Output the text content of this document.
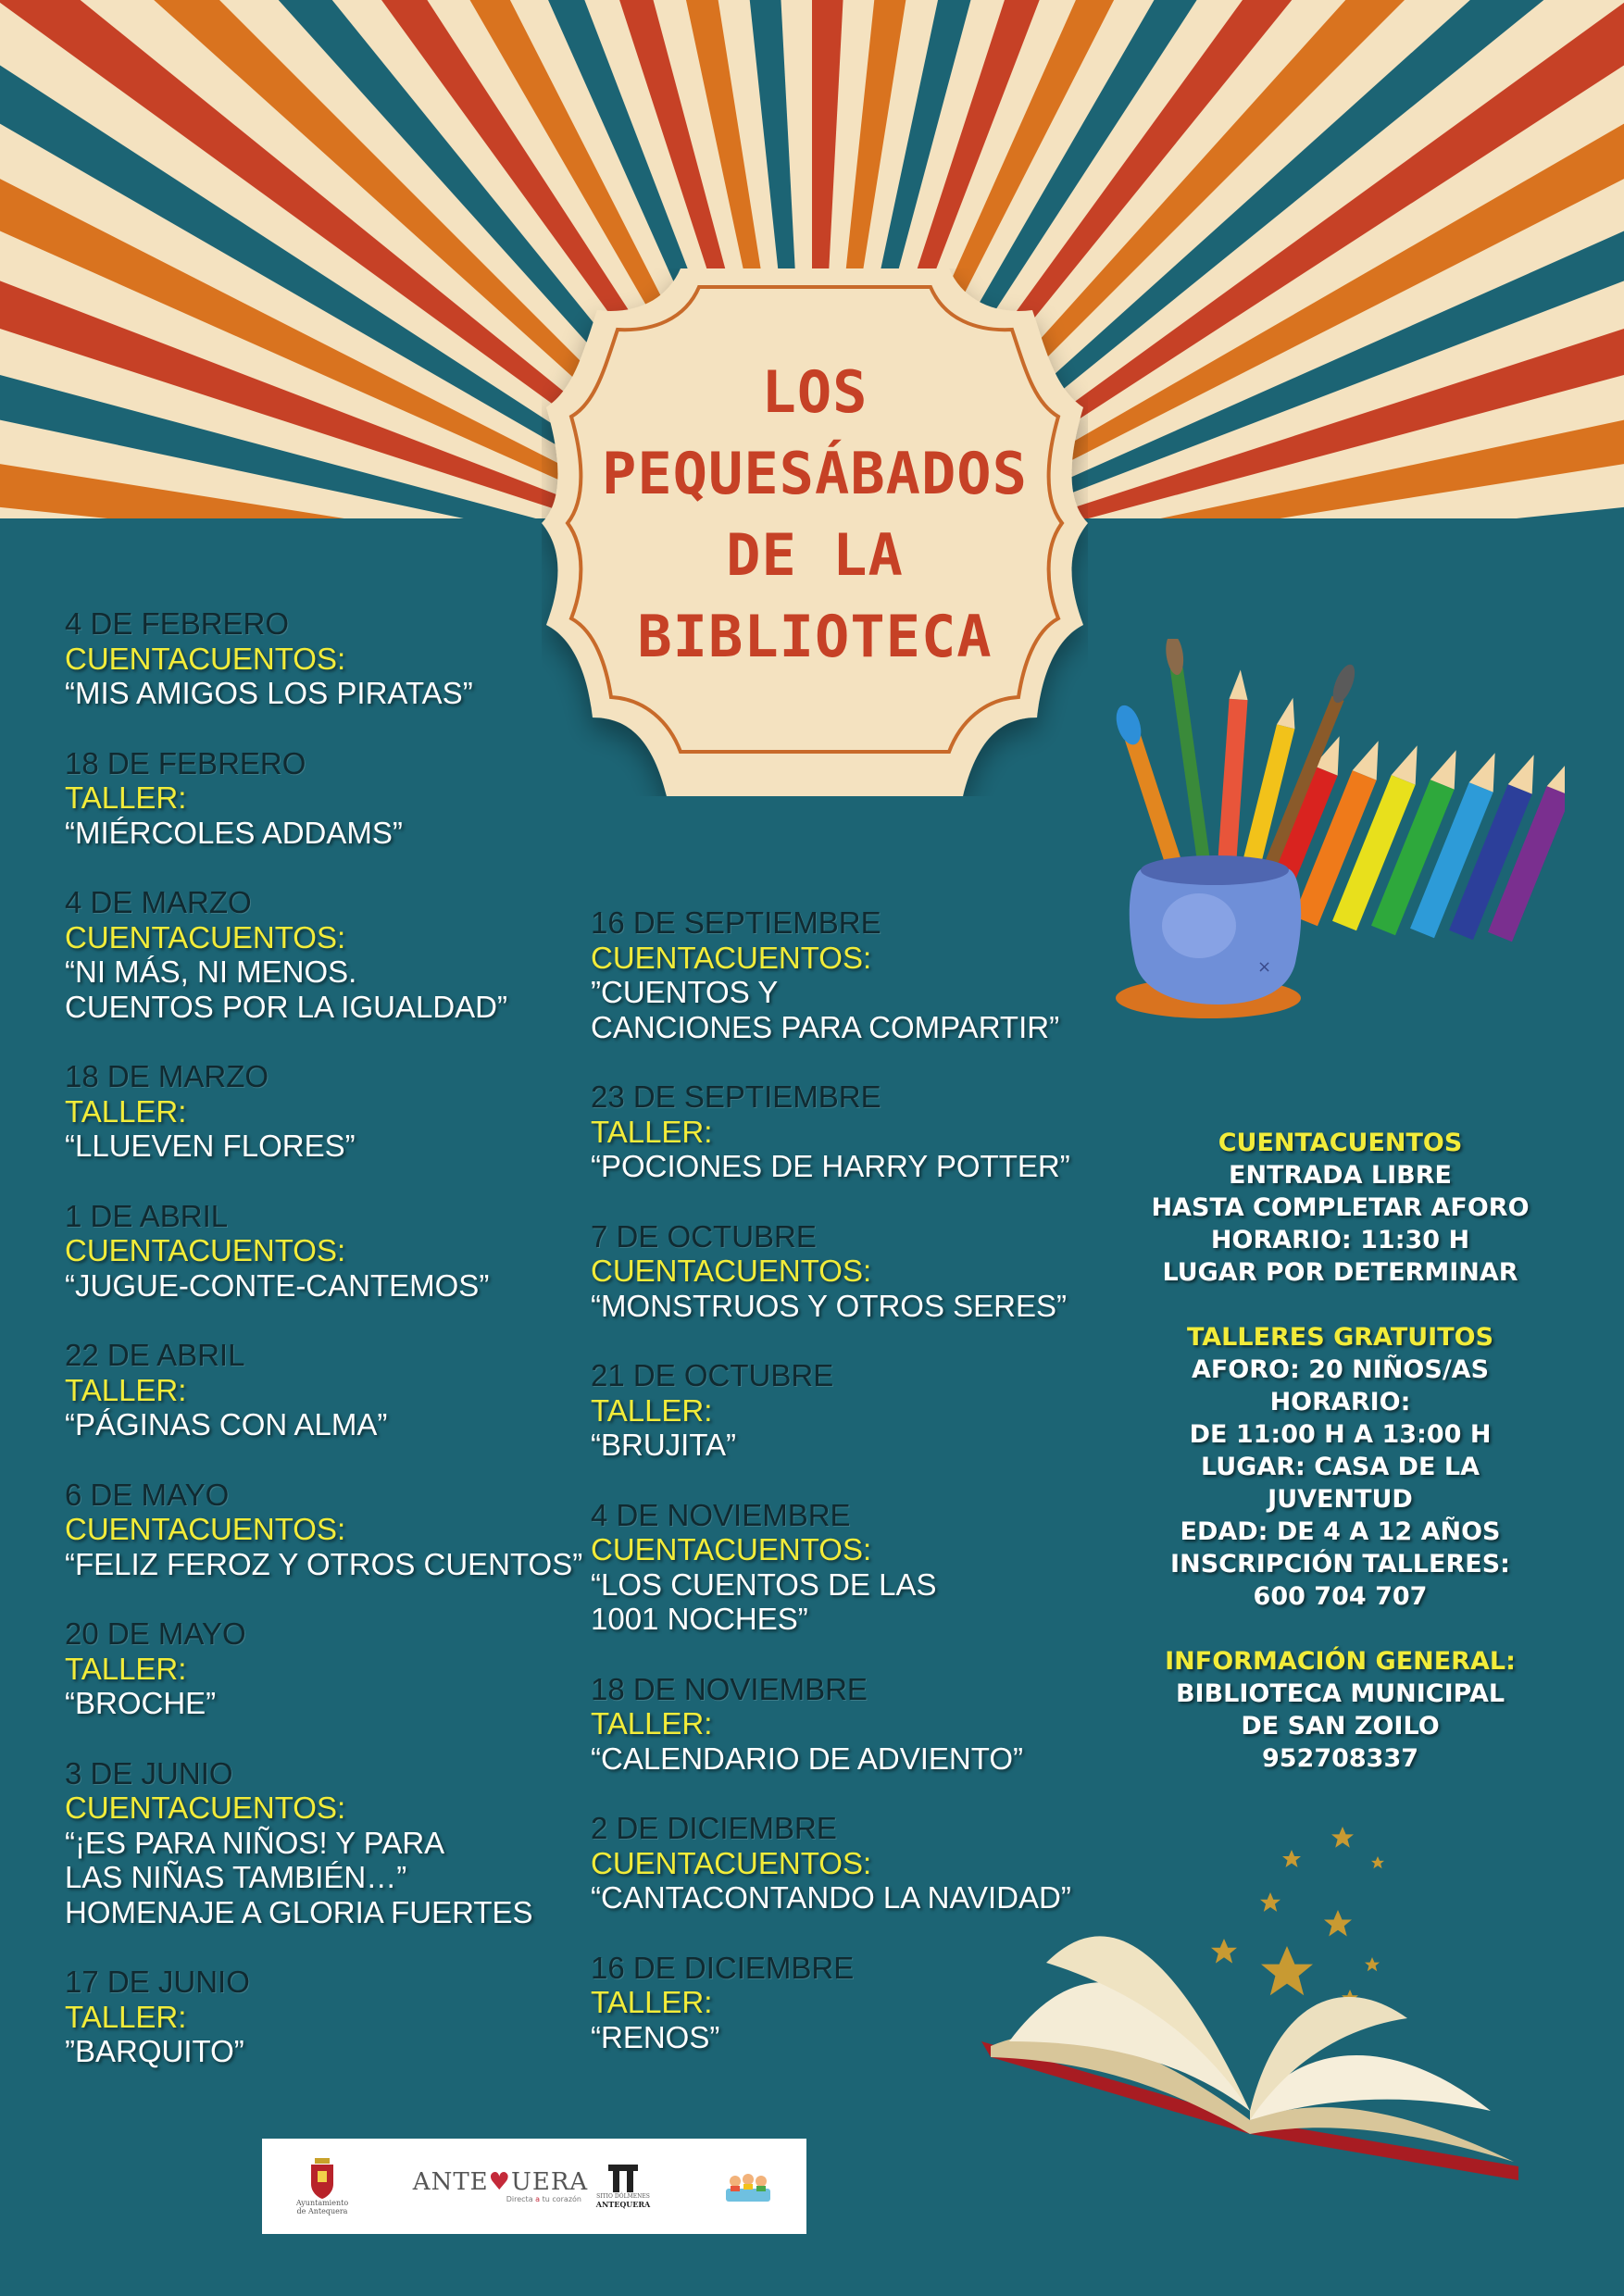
LOS
PEQUESÁBADOS
DE LA
BIBLIOTECA
4 DE FEBRERO
CUENTACUENTOS:
“MIS AMIGOS LOS PIRATAS”
18 DE FEBRERO
TALLER:
“MIÉRCOLES ADDAMS”
4 DE MARZO
CUENTACUENTOS:
“NI MÁS, NI MENOS.
CUENTOS POR LA IGUALDAD”
18 DE MARZO
TALLER:
“LLUEVEN FLORES”
1 DE ABRIL
CUENTACUENTOS:
“JUGUE-CONTE-CANTEMOS”
22 DE ABRIL
TALLER:
“PÁGINAS CON ALMA”
6 DE MAYO
CUENTACUENTOS:
“FELIZ FEROZ Y OTROS CUENTOS”
20 DE MAYO
TALLER:
“BROCHE”
3 DE JUNIO
CUENTACUENTOS:
“¡ES PARA NIÑOS! Y PARA
LAS NIÑAS TAMBIÉN…”
HOMENAJE A GLORIA FUERTES
17 DE JUNIO
TALLER:
”BARQUITO”
16 DE SEPTIEMBRE
CUENTACUENTOS:
”CUENTOS Y
CANCIONES PARA COMPARTIR”
23 DE SEPTIEMBRE
TALLER:
“POCIONES DE HARRY POTTER”
7 DE OCTUBRE
CUENTACUENTOS:
“MONSTRUOS Y OTROS SERES”
21 DE OCTUBRE
TALLER:
“BRUJITA”
4 DE NOVIEMBRE
CUENTACUENTOS:
“LOS CUENTOS DE LAS
1001 NOCHES”
18 DE NOVIEMBRE
TALLER:
“CALENDARIO DE ADVIENTO”
2 DE DICIEMBRE
CUENTACUENTOS:
“CANTACONTANDO LA NAVIDAD”
16 DE DICIEMBRE
TALLER:
“RENOS”
×
CUENTACUENTOS
ENTRADA LIBRE
HASTA COMPLETAR AFORO
HORARIO: 11:30 H
LUGAR POR DETERMINAR
TALLERES GRATUITOS
AFORO: 20 NIÑOS/AS
HORARIO:
DE 11:00 H A 13:00 H
LUGAR: CASA DE LA
JUVENTUD
EDAD: DE 4 A 12 AÑOS
INSCRIPCIÓN TALLERES:
600 704 707
INFORMACIÓN GENERAL:
BIBLIOTECA MUNICIPAL
DE SAN ZOILO
952708337
Ayuntamiento
de Antequera
ANTE♥UERA
Directa a tu corazón	SITIO DÓLMENES
ANTEQUERA
